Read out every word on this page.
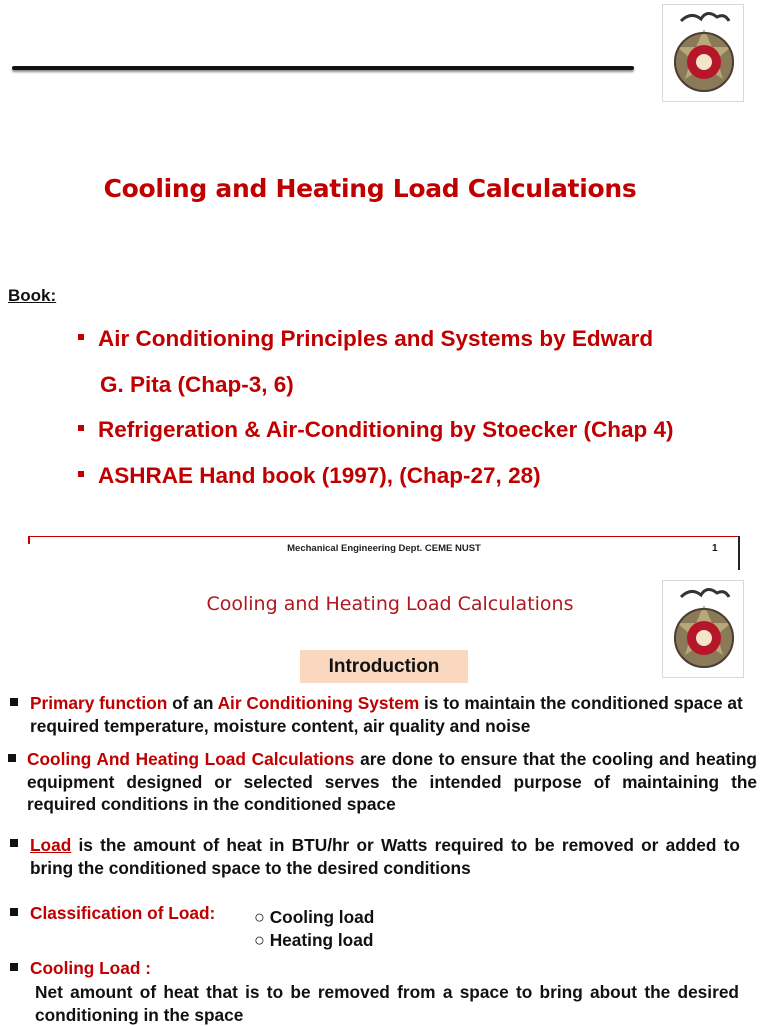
Cooling and Heating Load Calculations
Book:
Air Conditioning Principles and Systems by Edward
G. Pita (Chap-3, 6)
Refrigeration & Air-Conditioning by Stoecker (Chap 4)
ASHRAE Hand book (1997), (Chap-27, 28)
Mechanical Engineering Dept. CEME NUST	1
Cooling and Heating Load Calculations
Introduction
Primary function of an Air Conditioning System is to maintain the conditioned space at required temperature, moisture content, air quality and noise
Cooling And Heating Load Calculations are done to ensure that the cooling and heating equipment designed or selected serves the intended purpose of maintaining the required conditions in the conditioned space
Load is the amount of heat in BTU/hr or Watts required to be removed or added to bring the conditioned space to the desired conditions
Classification of Load: ○ Cooling load
○ Heating load
Cooling Load :
Net amount of heat that is to be removed from a space to bring about the desired conditioning in the space
